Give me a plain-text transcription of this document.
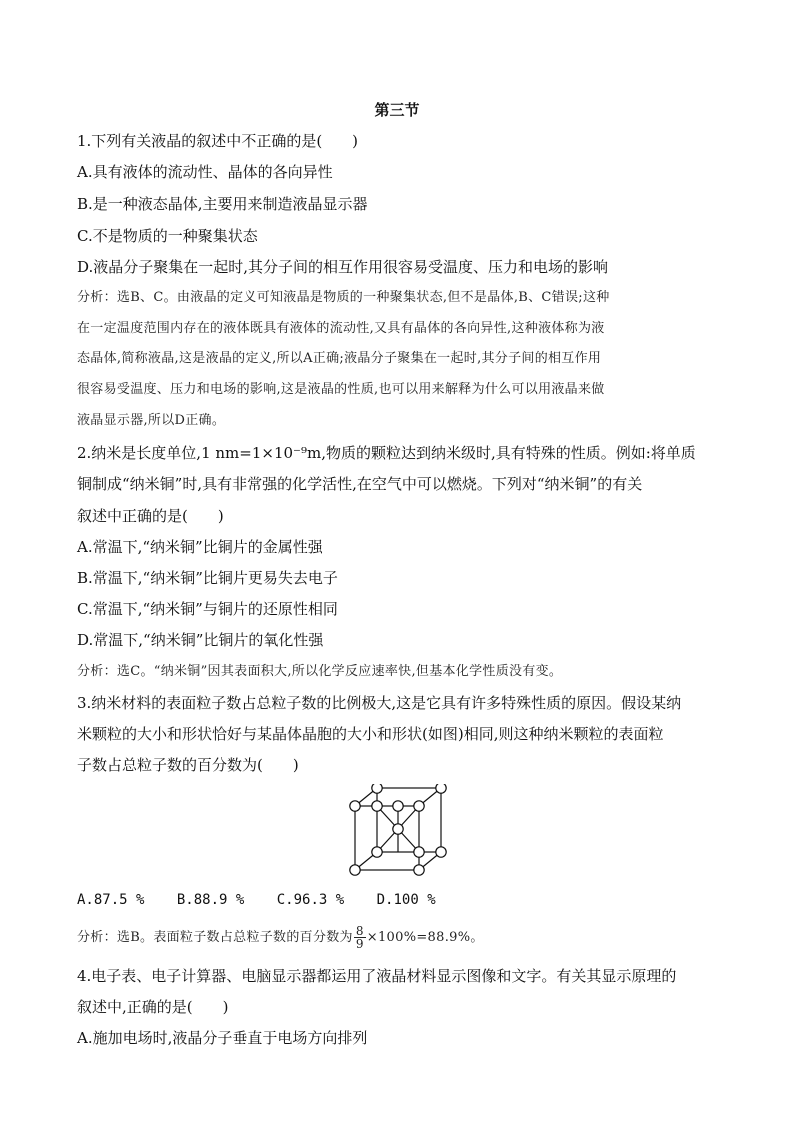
第三节
1.下列有关液晶的叙述中不正确的是(　　)
A.具有液体的流动性、晶体的各向异性
B.是一种液态晶体,主要用来制造液晶显示器
C.不是物质的一种聚集状态
D.液晶分子聚集在一起时,其分子间的相互作用很容易受温度、压力和电场的影响
分析：选B、C。由液晶的定义可知液晶是物质的一种聚集状态,但不是晶体,B、C错误;这种
在一定温度范围内存在的液体既具有液体的流动性,又具有晶体的各向异性,这种液体称为液
态晶体,简称液晶,这是液晶的定义,所以A正确;液晶分子聚集在一起时,其分子间的相互作用
很容易受温度、压力和电场的影响,这是液晶的性质,也可以用来解释为什么可以用液晶来做
液晶显示器,所以D正确。
2.纳米是长度单位,1 nm=1×10⁻⁹m,物质的颗粒达到纳米级时,具有特殊的性质。例如:将单质
铜制成“纳米铜”时,具有非常强的化学活性,在空气中可以燃烧。下列对“纳米铜”的有关
叙述中正确的是(　　)
A.常温下,“纳米铜”比铜片的金属性强
B.常温下,“纳米铜”比铜片更易失去电子
C.常温下,“纳米铜”与铜片的还原性相同
D.常温下,“纳米铜”比铜片的氧化性强
分析：选C。“纳米铜”因其表面积大,所以化学反应速率快,但基本化学性质没有变。
3.纳米材料的表面粒子数占总粒子数的比例极大,这是它具有许多特殊性质的原因。假设某纳
米颗粒的大小和形状恰好与某晶体晶胞的大小和形状(如图)相同,则这种纳米颗粒的表面粒
子数占总粒子数的百分数为(　　)
A.87.5 % B.88.9 % C.96.3 % D.100 %
分析：选B。表面粒子数占总粒子数的百分数为 $\frac{8}{9} \times 100\%=88.9\%$。
4.电子表、电子计算器、电脑显示器都运用了液晶材料显示图像和文字。有关其显示原理的
叙述中,正确的是(　　)
A.施加电场时,液晶分子垂直于电场方向排列
